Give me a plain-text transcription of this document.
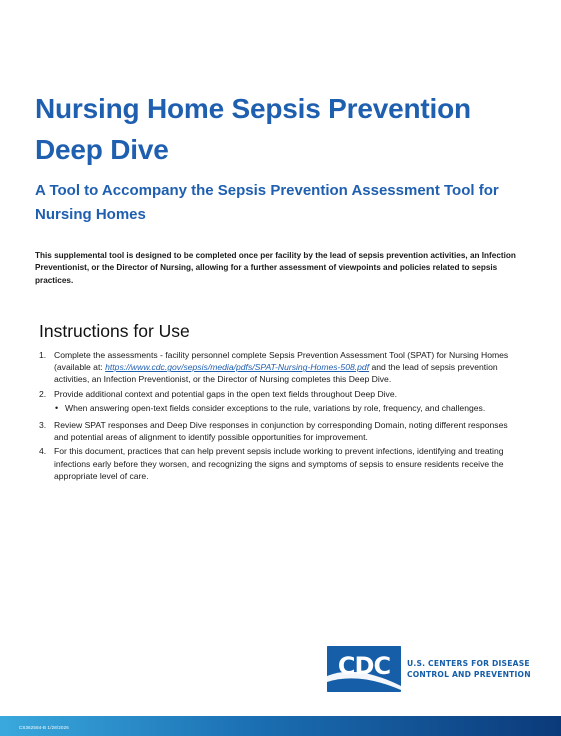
Nursing Home Sepsis Prevention Deep Dive
A Tool to Accompany the Sepsis Prevention Assessment Tool for Nursing Homes

This supplemental tool is designed to be completed once per facility by the lead of sepsis prevention activities, an Infection Preventionist, or the Director of Nursing, allowing for a further assessment of viewpoints and policies related to sepsis practices.

Instructions for Use
1. Complete the assessments - facility personnel complete Sepsis Prevention Assessment Tool (SPAT) for Nursing Homes (available at: https://www.cdc.gov/sepsis/media/pdfs/SPAT-Nursing-Homes-508.pdf and the lead of sepsis prevention activities, an Infection Preventionist, or the Director of Nursing completes this Deep Dive.
2. Provide additional context and potential gaps in the open text fields throughout Deep Dive.
• When answering open-text fields consider exceptions to the rule, variations by role, frequency, and challenges.
3. Review SPAT responses and Deep Dive responses in conjunction by corresponding Domain, noting different responses and potential areas of alignment to identify possible opportunities for improvement.
4. For this document, practices that can help prevent sepsis include working to prevent infections, identifying and treating infections early before they worsen, and recognizing the signs and symptoms of sepsis to ensure residents receive the appropriate level of care.
CDC U.S. CENTERS FOR DISEASE
CONTROL AND PREVENTION
CS362584-B 1/28/2026
